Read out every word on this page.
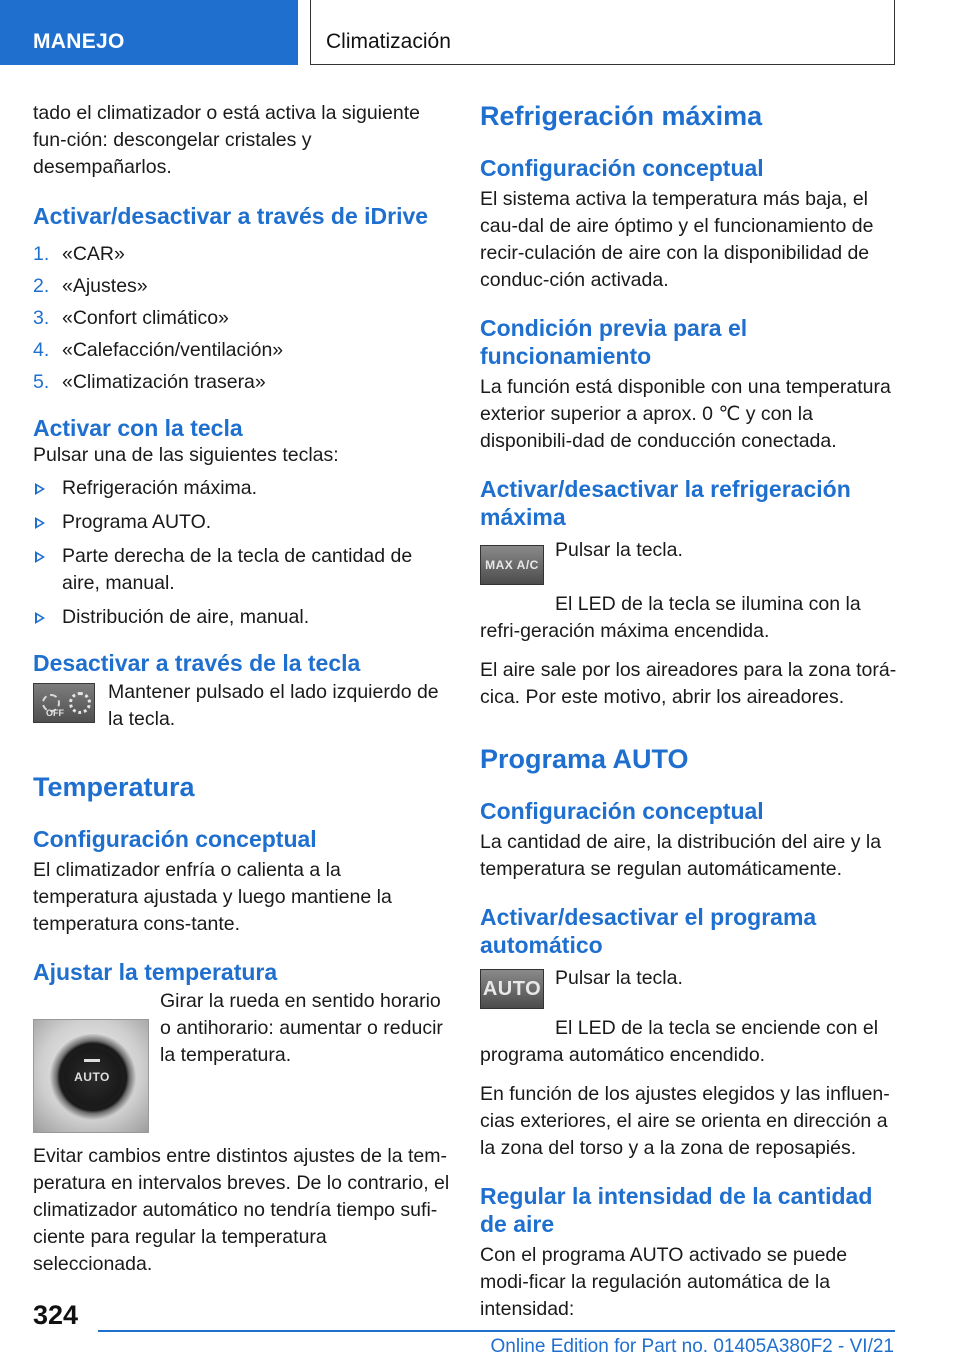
MANEJO	Climatización

tado el climatizador o está activa la siguiente fun-ción: descongelar cristales y desempañarlos.

Activar/desactivar a través de iDrive
1. «CAR»
2. «Ajustes»
3. «Confort climático»
4. «Calefacción/ventilación»
5. «Climatización trasera»
Activar con la tecla

Pulsar una de las siguientes teclas:

Refrigeración máxima.
Programa AUTO.
Parte derecha de la tecla de cantidad de aire, manual.
Distribución de aire, manual.
Desactivar a través de la tecla
OFF

Mantener pulsado el lado izquierdo de la tecla.

Temperatura
Configuración conceptual

El climatizador enfría o calienta a la temperatura ajustada y luego mantiene la temperatura cons-tante.

Ajustar la temperatura
AUTO

Girar la rueda en sentido horario o antihorario: aumentar o reducir la temperatura.

Evitar cambios entre distintos ajustes de la tem-peratura en intervalos breves. De lo contrario, el climatizador automático no tendría tiempo sufi-ciente para regular la temperatura seleccionada.

Refrigeración máxima
Configuración conceptual

El sistema activa la temperatura más baja, el cau-dal de aire óptimo y el funcionamiento de recir-culación de aire con la disponibilidad de conduc-ción activada.

Condición previa para el funcionamiento

La función está disponible con una temperatura exterior superior a aprox. 0 ℃ y con la disponibili-dad de conducción conectada.

Activar/desactivar la refrigeración máxima
MAX A/C

Pulsar la tecla.

El LED de la tecla se ilumina con la refri-geración máxima encendida.

El aire sale por los aireadores para la zona torá-cica. Por este motivo, abrir los aireadores.

Programa AUTO
Configuración conceptual

La cantidad de aire, la distribución del aire y la temperatura se regulan automáticamente.

Activar/desactivar el programa automático
AUTO Pulsar la tecla.

El LED de la tecla se enciende con el programa automático encendido.

En función de los ajustes elegidos y las influen-cias exteriores, el aire se orienta en dirección a la zona del torso y a la zona de reposapiés.

Regular la intensidad de la cantidad de aire

Con el programa AUTO activado se puede modi-ficar la regulación automática de la intensidad:

324
Online Edition for Part no. 01405A380F2 - VI/21
